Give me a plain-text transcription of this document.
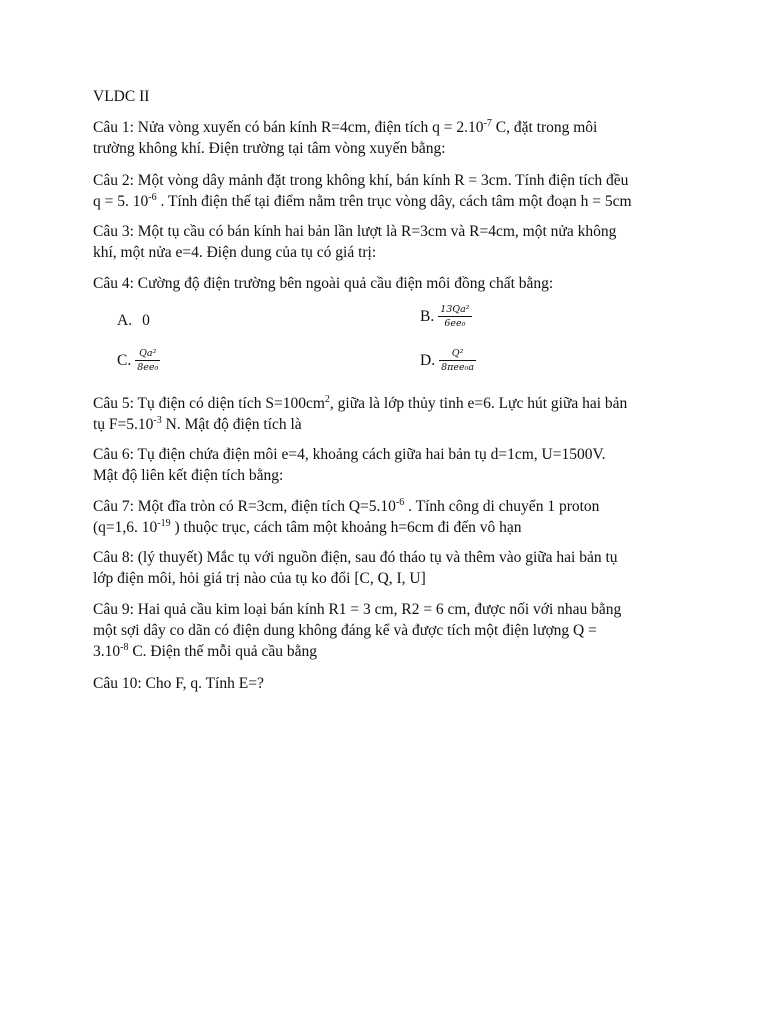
VLDC II

Câu 1: Nửa vòng xuyến có bán kính R=4cm, điện tích $q = 2.10^{-7}$ C, đặt trong môi

trường không khí. Điện trường tại tâm vòng xuyến bằng:

Câu 2: Một vòng dây mảnh đặt trong không khí, bán kính R = 3cm. Tính điện tích đều

q = 5. $10^{-6}$ . Tính điện thế tại điểm nằm trên trục vòng dây, cách tâm một đoạn h = 5cm

Câu 3: Một tụ cầu có bán kính hai bản lần lượt là R=3cm và R=4cm, một nửa không

khí, một nửa e=4. Điện dung của tụ có giá trị:

Câu 4: Cường độ điện trường bên ngoài quả cầu điện môi đồng chất bằng:

A. 0	B. $\frac{\text{13Qa²}}{\text{6ee₀}}$
C. $\frac{\text{Qa²}}{\text{8ee₀}}$	D. $\frac{\text{Q²}}{\text{8πee₀a}}$

Câu 5: Tụ điện có diện tích $S=100cm^2$, giữa là lớp thủy tinh e=6. Lực hút giữa hai bản

tụ $F=5.10^{-3}$ N. Mật độ điện tích là

Câu 6: Tụ điện chứa điện môi e=4, khoảng cách giữa hai bản tụ d=1cm, U=1500V.

Mật độ liên kết điện tích bằng:

Câu 7: Một đĩa tròn có R=3cm, điện tích $Q=5.10^{-6}$ . Tính công di chuyển 1 proton

(q=1,6. $10^{-19}$ ) thuộc trục, cách tâm một khoảng h=6cm đi đến vô hạn

Câu 8: (lý thuyết) Mắc tụ với nguồn điện, sau đó tháo tụ và thêm vào giữa hai bản tụ

lớp điện môi, hỏi giá trị nào của tụ ko đổi [C, Q, I, U]

Câu 9: Hai quả cầu kim loại bán kính R1 = 3 cm, R2 = 6 cm, được nối với nhau bằng

một sợi dây co dãn có điện dung không đáng kể và được tích một điện lượng Q =

$3.10^{-8}$ C. Điện thế mỗi quả cầu bằng

Câu 10: Cho F, q. Tính E=?
